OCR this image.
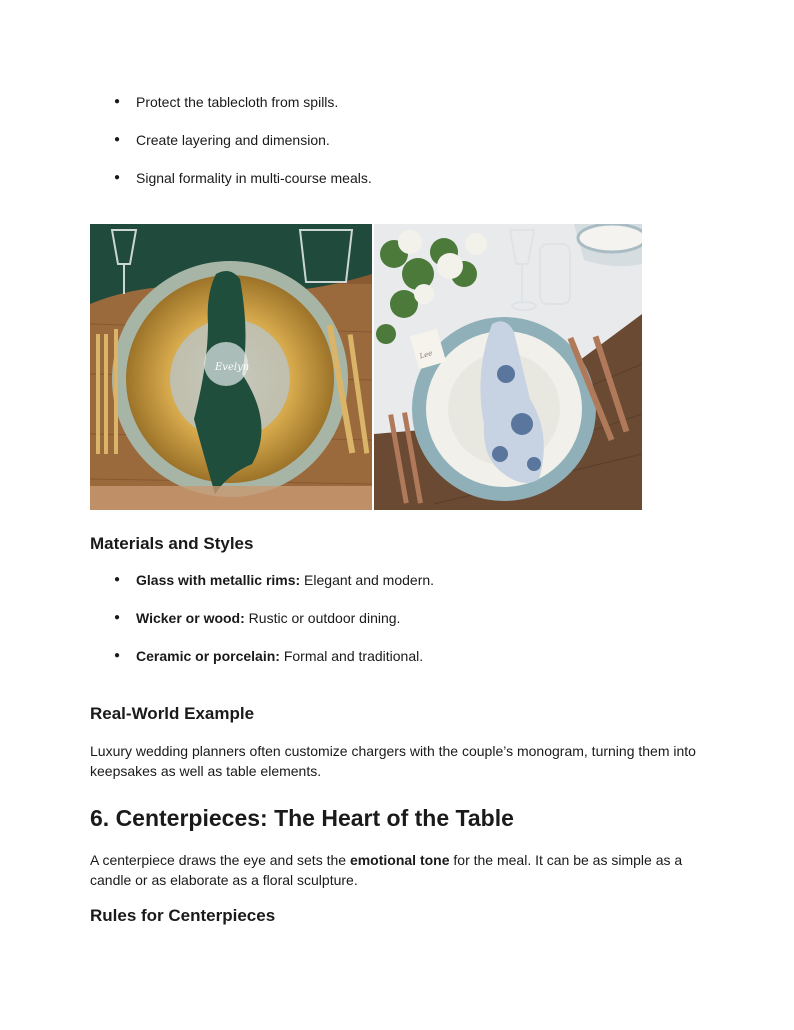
● Protect the tablecloth from spills.
● Create layering and dimension.
● Signal formality in multi-course meals.
Evelyn
Lee
Materials and Styles
● Glass with metallic rims: Elegant and modern.
● Wicker or wood: Rustic or outdoor dining.
● Ceramic or porcelain: Formal and traditional.
Real-World Example

Luxury wedding planners often customize chargers with the couple’s monogram, turning them into keepsakes as well as table elements.

6. Centerpieces: The Heart of the Table

A centerpiece draws the eye and sets the emotional tone for the meal. It can be as simple as a candle or as elaborate as a floral sculpture.

Rules for Centerpieces
